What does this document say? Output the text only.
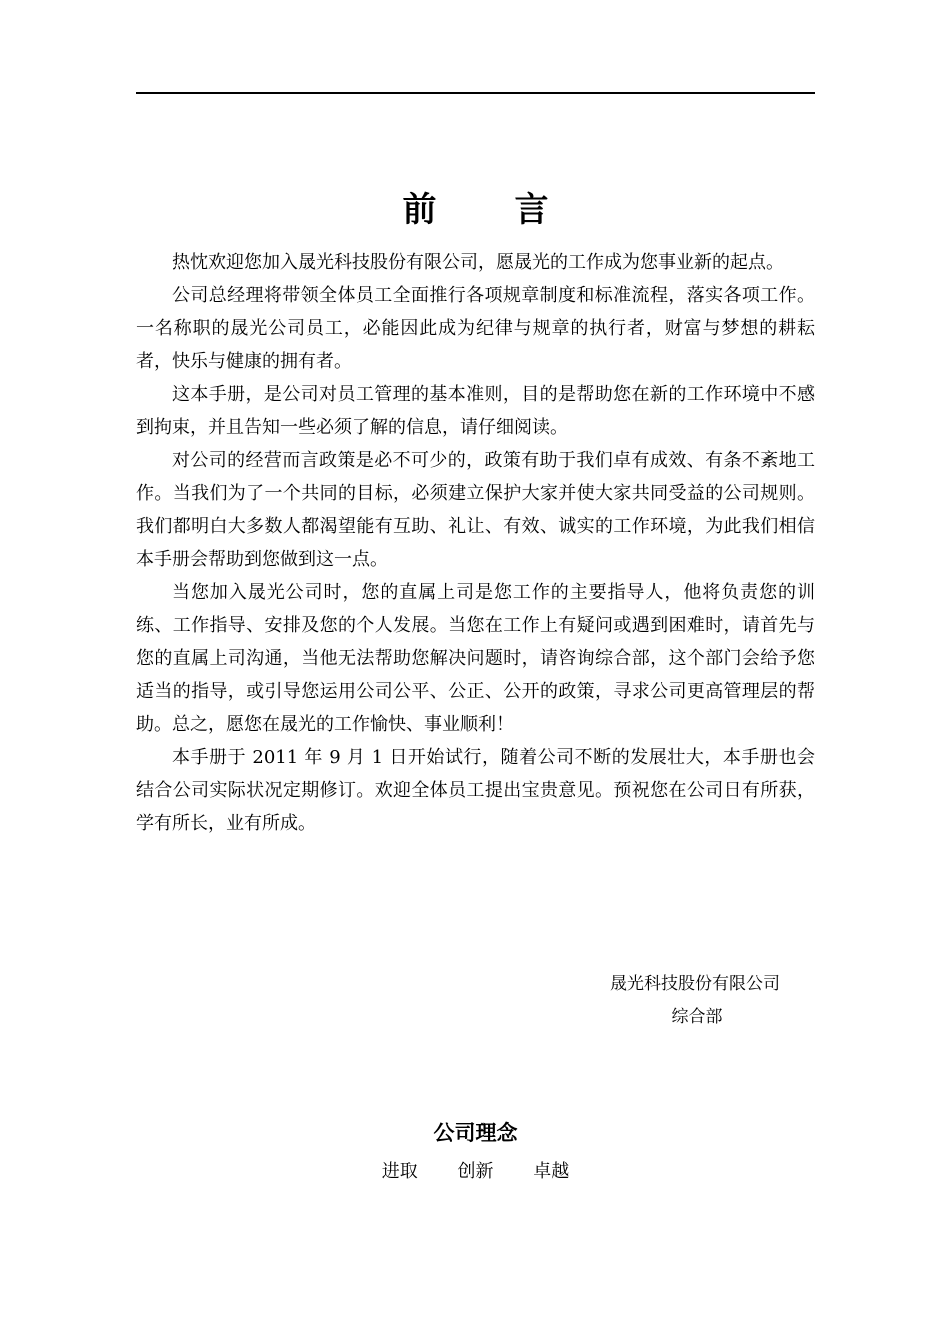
前言

热忱欢迎您加入晟光科技股份有限公司，愿晟光的工作成为您事业新的起点。

公司总经理将带领全体员工全面推行各项规章制度和标准流程，落实各项工作。一名称职的晟光公司员工，必能因此成为纪律与规章的执行者，财富与梦想的耕耘者，快乐与健康的拥有者。

这本手册，是公司对员工管理的基本准则，目的是帮助您在新的工作环境中不感到拘束，并且告知一些必须了解的信息，请仔细阅读。

对公司的经营而言政策是必不可少的，政策有助于我们卓有成效、有条不紊地工作。当我们为了一个共同的目标，必须建立保护大家并使大家共同受益的公司规则。我们都明白大多数人都渴望能有互助、礼让、有效、诚实的工作环境，为此我们相信本手册会帮助到您做到这一点。

当您加入晟光公司时，您的直属上司是您工作的主要指导人，他将负责您的训练、工作指导、安排及您的个人发展。当您在工作上有疑问或遇到困难时，请首先与您的直属上司沟通，当他无法帮助您解决问题时，请咨询综合部，这个部门会给予您适当的指导，或引导您运用公司公平、公正、公开的政策，寻求公司更高管理层的帮助。总之，愿您在晟光的工作愉快、事业顺利！

本手册于 2011 年 9 月 1 日开始试行，随着公司不断的发展壮大，本手册也会结合公司实际状况定期修订。欢迎全体员工提出宝贵意见。预祝您在公司日有所获，学有所长，业有所成。

晟光科技股份有限公司

综合部

公司理念
进取 创新 卓越
